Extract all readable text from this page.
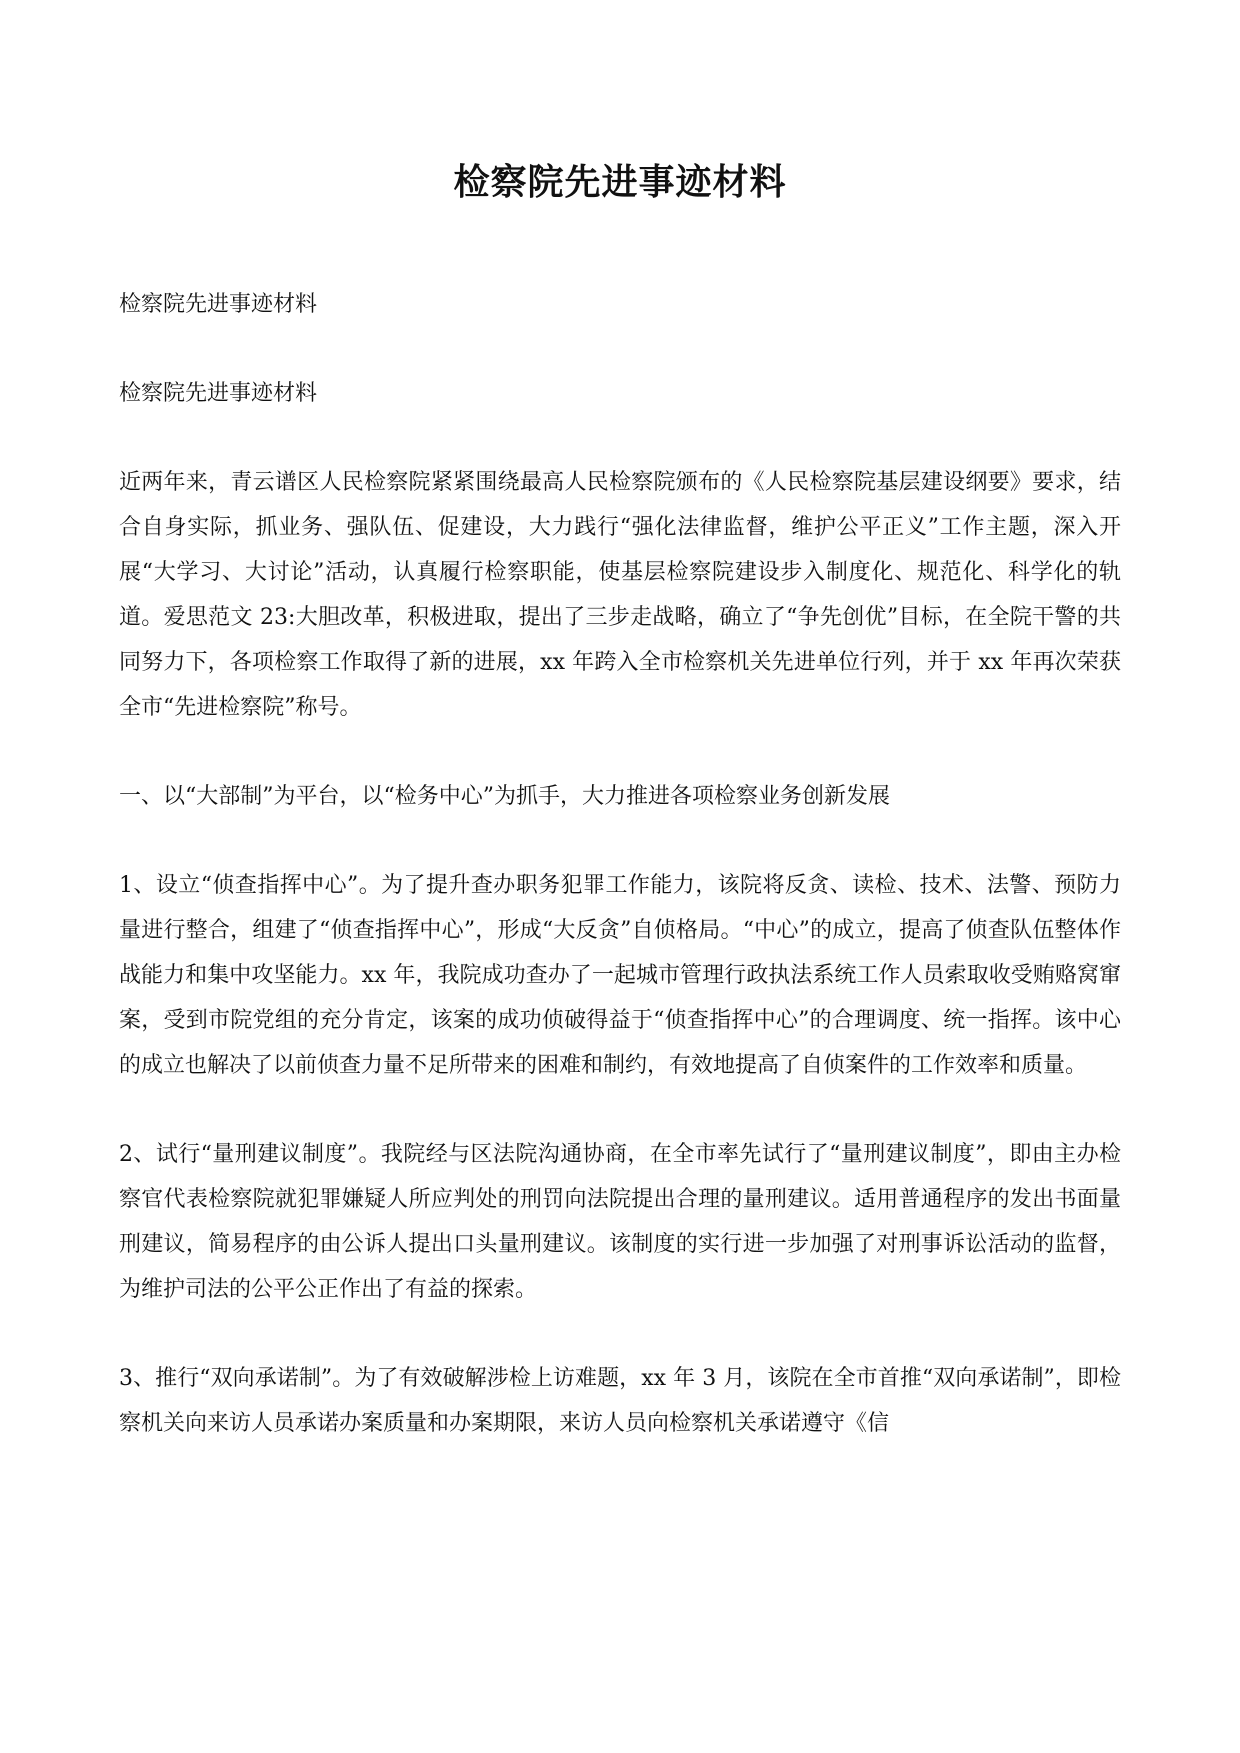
检察院先进事迹材料

检察院先进事迹材料

检察院先进事迹材料

近两年来，青云谱区人民检察院紧紧围绕最高人民检察院颁布的《人民检察院基层建设纲要》要求，结合自身实际，抓业务、强队伍、促建设，大力践行“强化法律监督，维护公平正义”工作主题，深入开展“大学习、大讨论”活动，认真履行检察职能，使基层检察院建设步入制度化、规范化、科学化的轨道。爱思范文 23:大胆改革，积极进取，提出了三步走战略，确立了“争先创优”目标，在全院干警的共同努力下，各项检察工作取得了新的进展，xx 年跨入全市检察机关先进单位行列，并于 xx 年再次荣获全市“先进检察院”称号。

一、以“大部制”为平台，以“检务中心”为抓手，大力推进各项检察业务创新发展

1、设立“侦查指挥中心”。为了提升查办职务犯罪工作能力，该院将反贪、读检、技术、法警、预防力量进行整合，组建了“侦查指挥中心”，形成“大反贪”自侦格局。“中心”的成立，提高了侦查队伍整体作战能力和集中攻坚能力。xx 年，我院成功查办了一起城市管理行政执法系统工作人员索取收受贿赂窝窜案，受到市院党组的充分肯定，该案的成功侦破得益于“侦查指挥中心”的合理调度、统一指挥。该中心的成立也解决了以前侦查力量不足所带来的困难和制约，有效地提高了自侦案件的工作效率和质量。

2、试行“量刑建议制度”。我院经与区法院沟通协商，在全市率先试行了“量刑建议制度”，即由主办检察官代表检察院就犯罪嫌疑人所应判处的刑罚向法院提出合理的量刑建议。适用普通程序的发出书面量刑建议，简易程序的由公诉人提出口头量刑建议。该制度的实行进一步加强了对刑事诉讼活动的监督，为维护司法的公平公正作出了有益的探索。

3、推行“双向承诺制”。为了有效破解涉检上访难题，xx 年 3 月，该院在全市首推“双向承诺制”，即检察机关向来访人员承诺办案质量和办案期限，来访人员向检察机关承诺遵守《信
